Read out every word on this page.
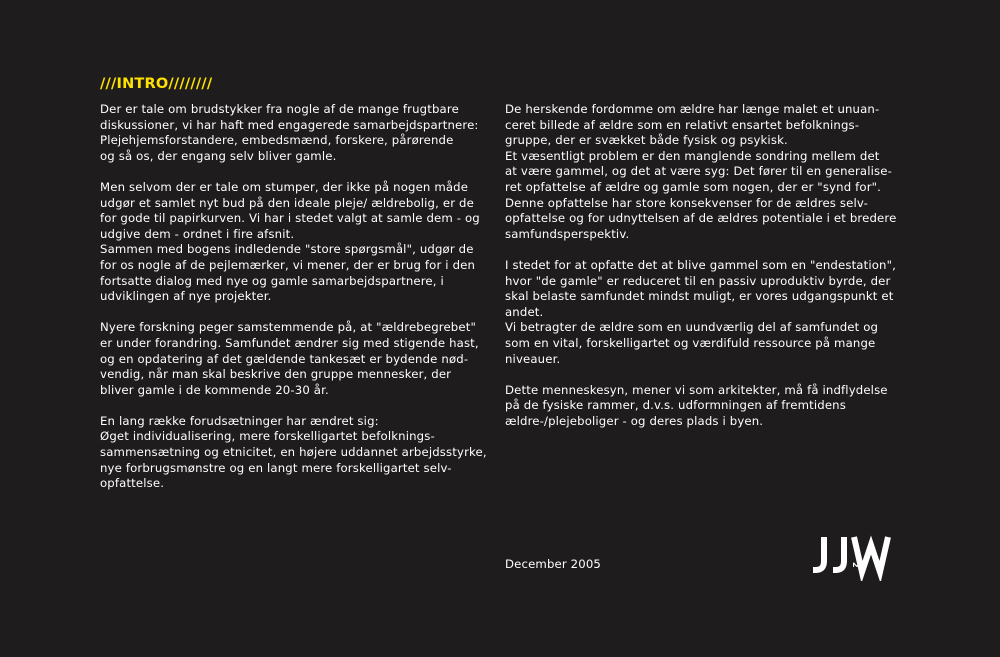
///INTRO////////

Der er tale om brudstykker fra nogle af de mange frugtbare
diskussioner, vi har haft med engagerede samarbejdspartnere:
Plejehjemsforstandere, embedsmænd, forskere, pårørende
og så os, der engang selv bliver gamle.

Men selvom der er tale om stumper, der ikke på nogen måde
udgør et samlet nyt bud på den ideale pleje/ ældrebolig, er de
for gode til papirkurven. Vi har i stedet valgt at samle dem - og
udgive dem - ordnet i fire afsnit.
Sammen med bogens indledende "store spørgsmål", udgør de
for os nogle af de pejlemærker, vi mener, der er brug for i den
fortsatte dialog med nye og gamle samarbejdspartnere, i
udviklingen af nye projekter.

Nyere forskning peger samstemmende på, at "ældrebegrebet"
er under forandring. Samfundet ændrer sig med stigende hast,
og en opdatering af det gældende tankesæt er bydende nød-
vendig, når man skal beskrive den gruppe mennesker, der
bliver gamle i de kommende 20-30 år.

En lang række forudsætninger har ændret sig:
Øget individualisering, mere forskelligartet befolknings-
sammensætning og etnicitet, en højere uddannet arbejdsstyrke,
nye forbrugsmønstre og en langt mere forskelligartet selv-
opfattelse.

De herskende fordomme om ældre har længe malet et unuan-
ceret billede af ældre som en relativt ensartet befolknings-
gruppe, der er svækket både fysisk og psykisk.
Et væsentligt problem er den manglende sondring mellem det
at være gammel, og det at være syg: Det fører til en generalise-
ret opfattelse af ældre og gamle som nogen, der er "synd for".
Denne opfattelse har store konsekvenser for de ældres selv-
opfattelse og for udnyttelsen af de ældres potentiale i et bredere
samfundsperspektiv.

I stedet for at opfatte det at blive gammel som en "endestation",
hvor "de gamle" er reduceret til en passiv uproduktiv byrde, der
skal belaste samfundet mindst muligt, er vores udgangspunkt et
andet.
Vi betragter de ældre som en uundværlig del af samfundet og
som en vital, forskelligartet og værdifuld ressource på mange
niveauer.

Dette menneskesyn, mener vi som arkitekter, må få indflydelse
på de fysiske rammer, d.v.s. udformningen af fremtidens
ældre-/plejeboliger - og deres plads i byen.

December 2005	2
